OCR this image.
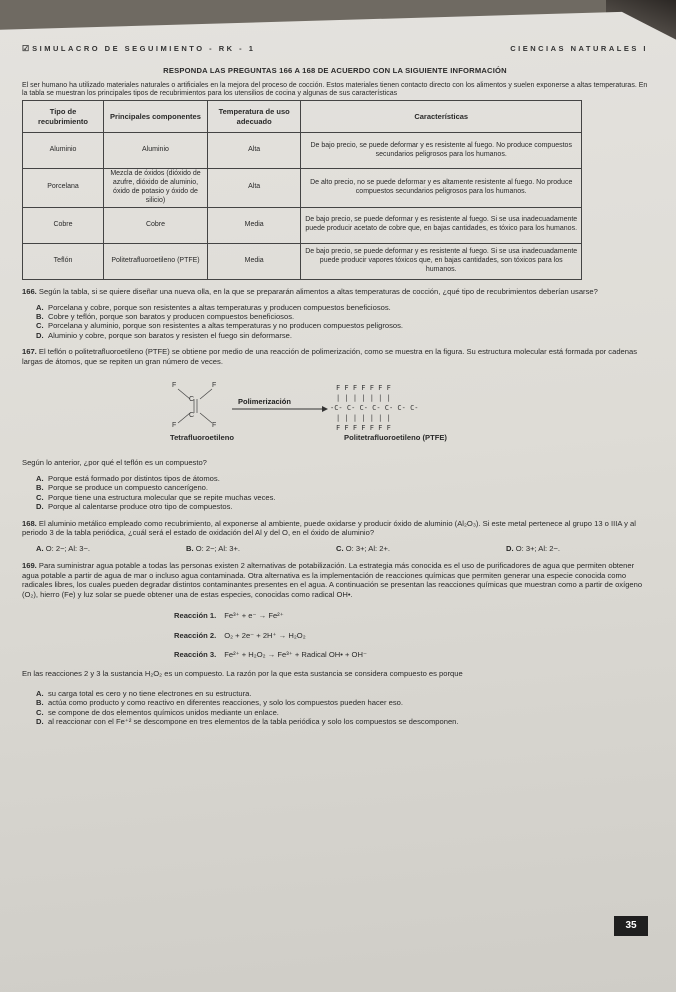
☑ SIMULACRO DE SEGUIMIENTO - RK - 1	CIENCIAS NATURALES I
RESPONDA LAS PREGUNTAS 166 A 168 DE ACUERDO CON LA SIGUIENTE INFORMACIÓN
El ser humano ha utilizado materiales naturales o artificiales en la mejora del proceso de cocción. Estos materiales tienen contacto directo con los alimentos y suelen exponerse a altas temperaturas. En la tabla se muestran los principales tipos de recubrimientos para los utensilios de cocina y algunas de sus características
Tipo de recubrimiento	Principales componentes	Temperatura de uso adecuado	Características
Aluminio	Aluminio	Alta	De bajo precio, se puede deformar y es resistente al fuego. No produce compuestos secundarios peligrosos para los humanos.
Porcelana	Mezcla de óxidos (dióxido de azufre, dióxido de aluminio, óxido de potasio y óxido de silicio)	Alta	De alto precio, no se puede deformar y es altamente resistente al fuego. No produce compuestos secundarios peligrosos para los humanos.
Cobre	Cobre	Media	De bajo precio, se puede deformar y es resistente al fuego. Si se usa inadecuadamente puede producir acetato de cobre que, en bajas cantidades, es tóxico para los humanos.
Teflón	Politetrafluoroetileno (PTFE)	Media	De bajo precio, se puede deformar y es resistente al fuego. Si se usa inadecuadamente puede producir vapores tóxicos que, en bajas cantidades, son tóxicos para los humanos.
166. Según la tabla, si se quiere diseñar una nueva olla, en la que se prepararán alimentos a altas temperaturas de cocción, ¿qué tipo de recubrimientos deberían usarse?
A. Porcelana y cobre, porque son resistentes a altas temperaturas y producen compuestos beneficiosos.
B. Cobre y teflón, porque son baratos y producen compuestos beneficiosos.
C. Porcelana y aluminio, porque son resistentes a altas temperaturas y no producen compuestos peligrosos.
D. Aluminio y cobre, porque son baratos y resisten el fuego sin deformarse.
167. El teflón o politetrafluoroetileno (PTFE) se obtiene por medio de una reacción de polimerización, como se muestra en la figura. Su estructura molecular está formada por cadenas largas de átomos, que se repiten un gran número de veces.
F	F
F	F
C
C
Polimerización
F F F F F F F
| | | | | | |
-C- C- C- C- C- C- C-
| | | | | | |
F F F F F F F
Tetrafluoroetileno	Politetrafluoroetileno (PTFE)
Según lo anterior, ¿por qué el teflón es un compuesto?
A. Porque está formado por distintos tipos de átomos.
B. Porque se produce un compuesto cancerígeno.
C. Porque tiene una estructura molecular que se repite muchas veces.
D. Porque al calentarse produce otro tipo de compuestos.
168. El aluminio metálico empleado como recubrimiento, al exponerse al ambiente, puede oxidarse y producir óxido de aluminio (Al₂O₃). Si este metal pertenece al grupo 13 o IIIA y al periodo 3 de la tabla periódica, ¿cuál será el estado de oxidación del Al y del O, en el óxido de aluminio?
A. O: 2−; Al: 3−.	B. O: 2−; Al: 3+.	C. O: 3+; Al: 2+.	D. O: 3+; Al: 2−.
169. Para suministrar agua potable a todas las personas existen 2 alternativas de potabilización. La estrategia más conocida es el uso de purificadores de agua que permiten obtener agua potable a partir de agua de mar o incluso agua contaminada. Otra alternativa es la implementación de reacciones químicas que permiten generar una especie conocida como radicales libres, los cuales pueden degradar distintos contaminantes presentes en el agua. A continuación se presentan las reacciones químicas que muestran como a partir de oxígeno (O₂), hierro (Fe) y luz solar se puede obtener una de estas especies, conocidas como radical OH•.
Reacción 1. Fe³⁺ + e⁻ → Fe²⁺
Reacción 2. O₂ + 2e⁻ + 2H⁺ → H₂O₂
Reacción 3. Fe²⁺ + H₂O₂ → Fe³⁺ + Radical OH• + OH⁻
En las reacciones 2 y 3 la sustancia H₂O₂ es un compuesto. La razón por la que esta sustancia se considera compuesto es porque
A. su carga total es cero y no tiene electrones en su estructura.
B. actúa como producto y como reactivo en diferentes reacciones, y solo los compuestos pueden hacer eso.
C. se compone de dos elementos químicos unidos mediante un enlace.
D. al reaccionar con el Fe⁺² se descompone en tres elementos de la tabla periódica y solo los compuestos se descomponen.
35
